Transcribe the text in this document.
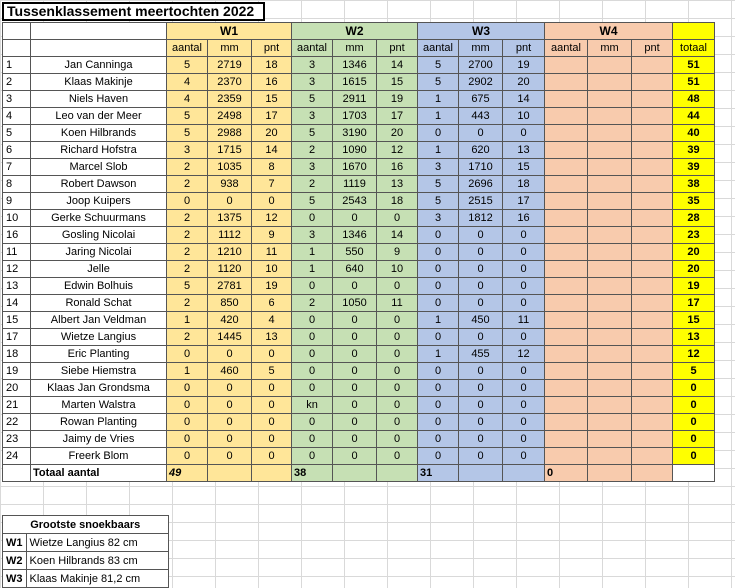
Tussenklassement meertochten 2022
		W1			W2			W3			W4			
		aantal	mm	pnt	aantal	mm	pnt	aantal	mm	pnt	aantal	mm	pnt	totaal
1	Jan Canninga	5	2719	18	3	1346	14	5	2700	19				51
2	Klaas Makinje	4	2370	16	3	1615	15	5	2902	20				51
3	Niels Haven	4	2359	15	5	2911	19	1	675	14				48
4	Leo van der Meer	5	2498	17	3	1703	17	1	443	10				44
5	Koen Hilbrands	5	2988	20	5	3190	20	0	0	0				40
6	Richard Hofstra	3	1715	14	2	1090	12	1	620	13				39
7	Marcel Slob	2	1035	8	3	1670	16	3	1710	15				39
8	Robert Dawson	2	938	7	2	1119	13	5	2696	18				38
9	Joop Kuipers	0	0	0	5	2543	18	5	2515	17				35
10	Gerke Schuurmans	2	1375	12	0	0	0	3	1812	16				28
16	Gosling Nicolai	2	1112	9	3	1346	14	0	0	0				23
11	Jaring Nicolai	2	1210	11	1	550	9	0	0	0				20
12	Jelle	2	1120	10	1	640	10	0	0	0				20
13	Edwin Bolhuis	5	2781	19	0	0	0	0	0	0				19
14	Ronald Schat	2	850	6	2	1050	11	0	0	0				17
15	Albert Jan Veldman	1	420	4	0	0	0	1	450	11				15
17	Wietze Langius	2	1445	13	0	0	0	0	0	0				13
18	Eric Planting	0	0	0	0	0	0	1	455	12				12
19	Siebe Hiemstra	1	460	5	0	0	0	0	0	0				5
20	Klaas Jan Grondsma	0	0	0	0	0	0	0	0	0				0
21	Marten Walstra	0	0	0	kn	0	0	0	0	0				0
22	Rowan Planting	0	0	0	0	0	0	0	0	0				0
23	Jaimy de Vries	0	0	0	0	0	0	0	0	0				0
24	Freerk Blom	0	0	0	0	0	0	0	0	0				0
	Totaal aantal	49			38			31			0			
Grootste snoekbaars	
W1	Wietze Langius 82 cm
W2	Koen Hilbrands 83 cm
W3	Klaas Makinje 81,2 cm
